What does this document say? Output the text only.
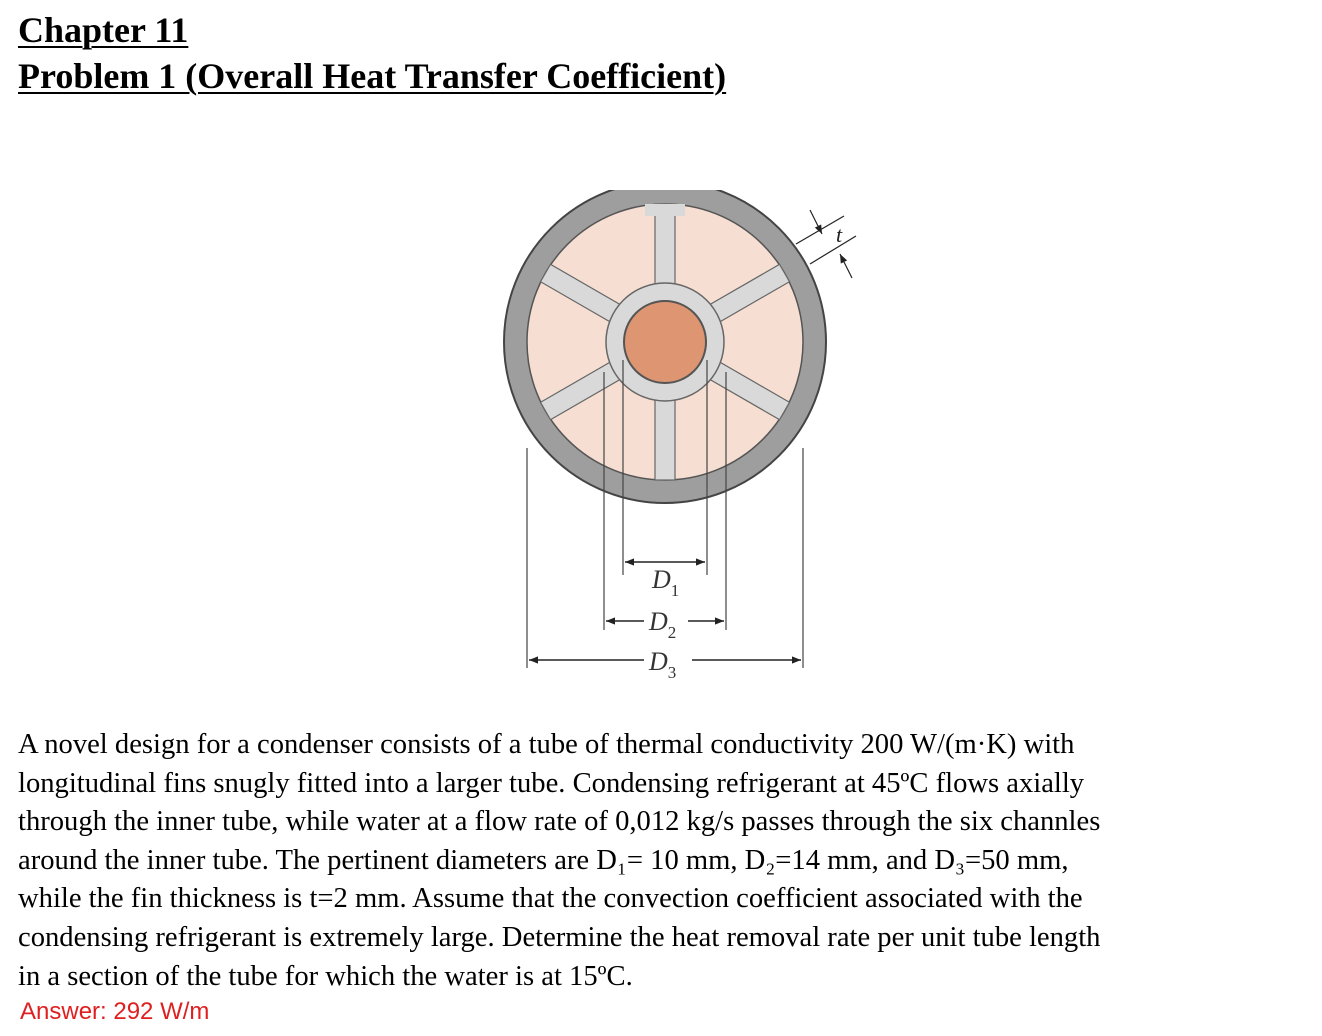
Chapter 11
Problem 1 (Overall Heat Transfer Coefficient)
t
$D_1$
$D_2$
$D_3$

A novel design for a condenser consists of a tube of thermal conductivity 200 W/(m·K) with

longitudinal fins snugly fitted into a larger tube. Condensing refrigerant at 45ºC flows axially

through the inner tube, while water at a flow rate of 0,012 kg/s passes through the six channles

around the inner tube. The pertinent diameters are D₁= 10 mm, D₂=14 mm, and D₃=50 mm,

while the fin thickness is t=2 mm. Assume that the convection coefficient associated with the

condensing refrigerant is extremely large. Determine the heat removal rate per unit tube length

in a section of the tube for which the water is at 15ºC.

Answer: 292 W/m
